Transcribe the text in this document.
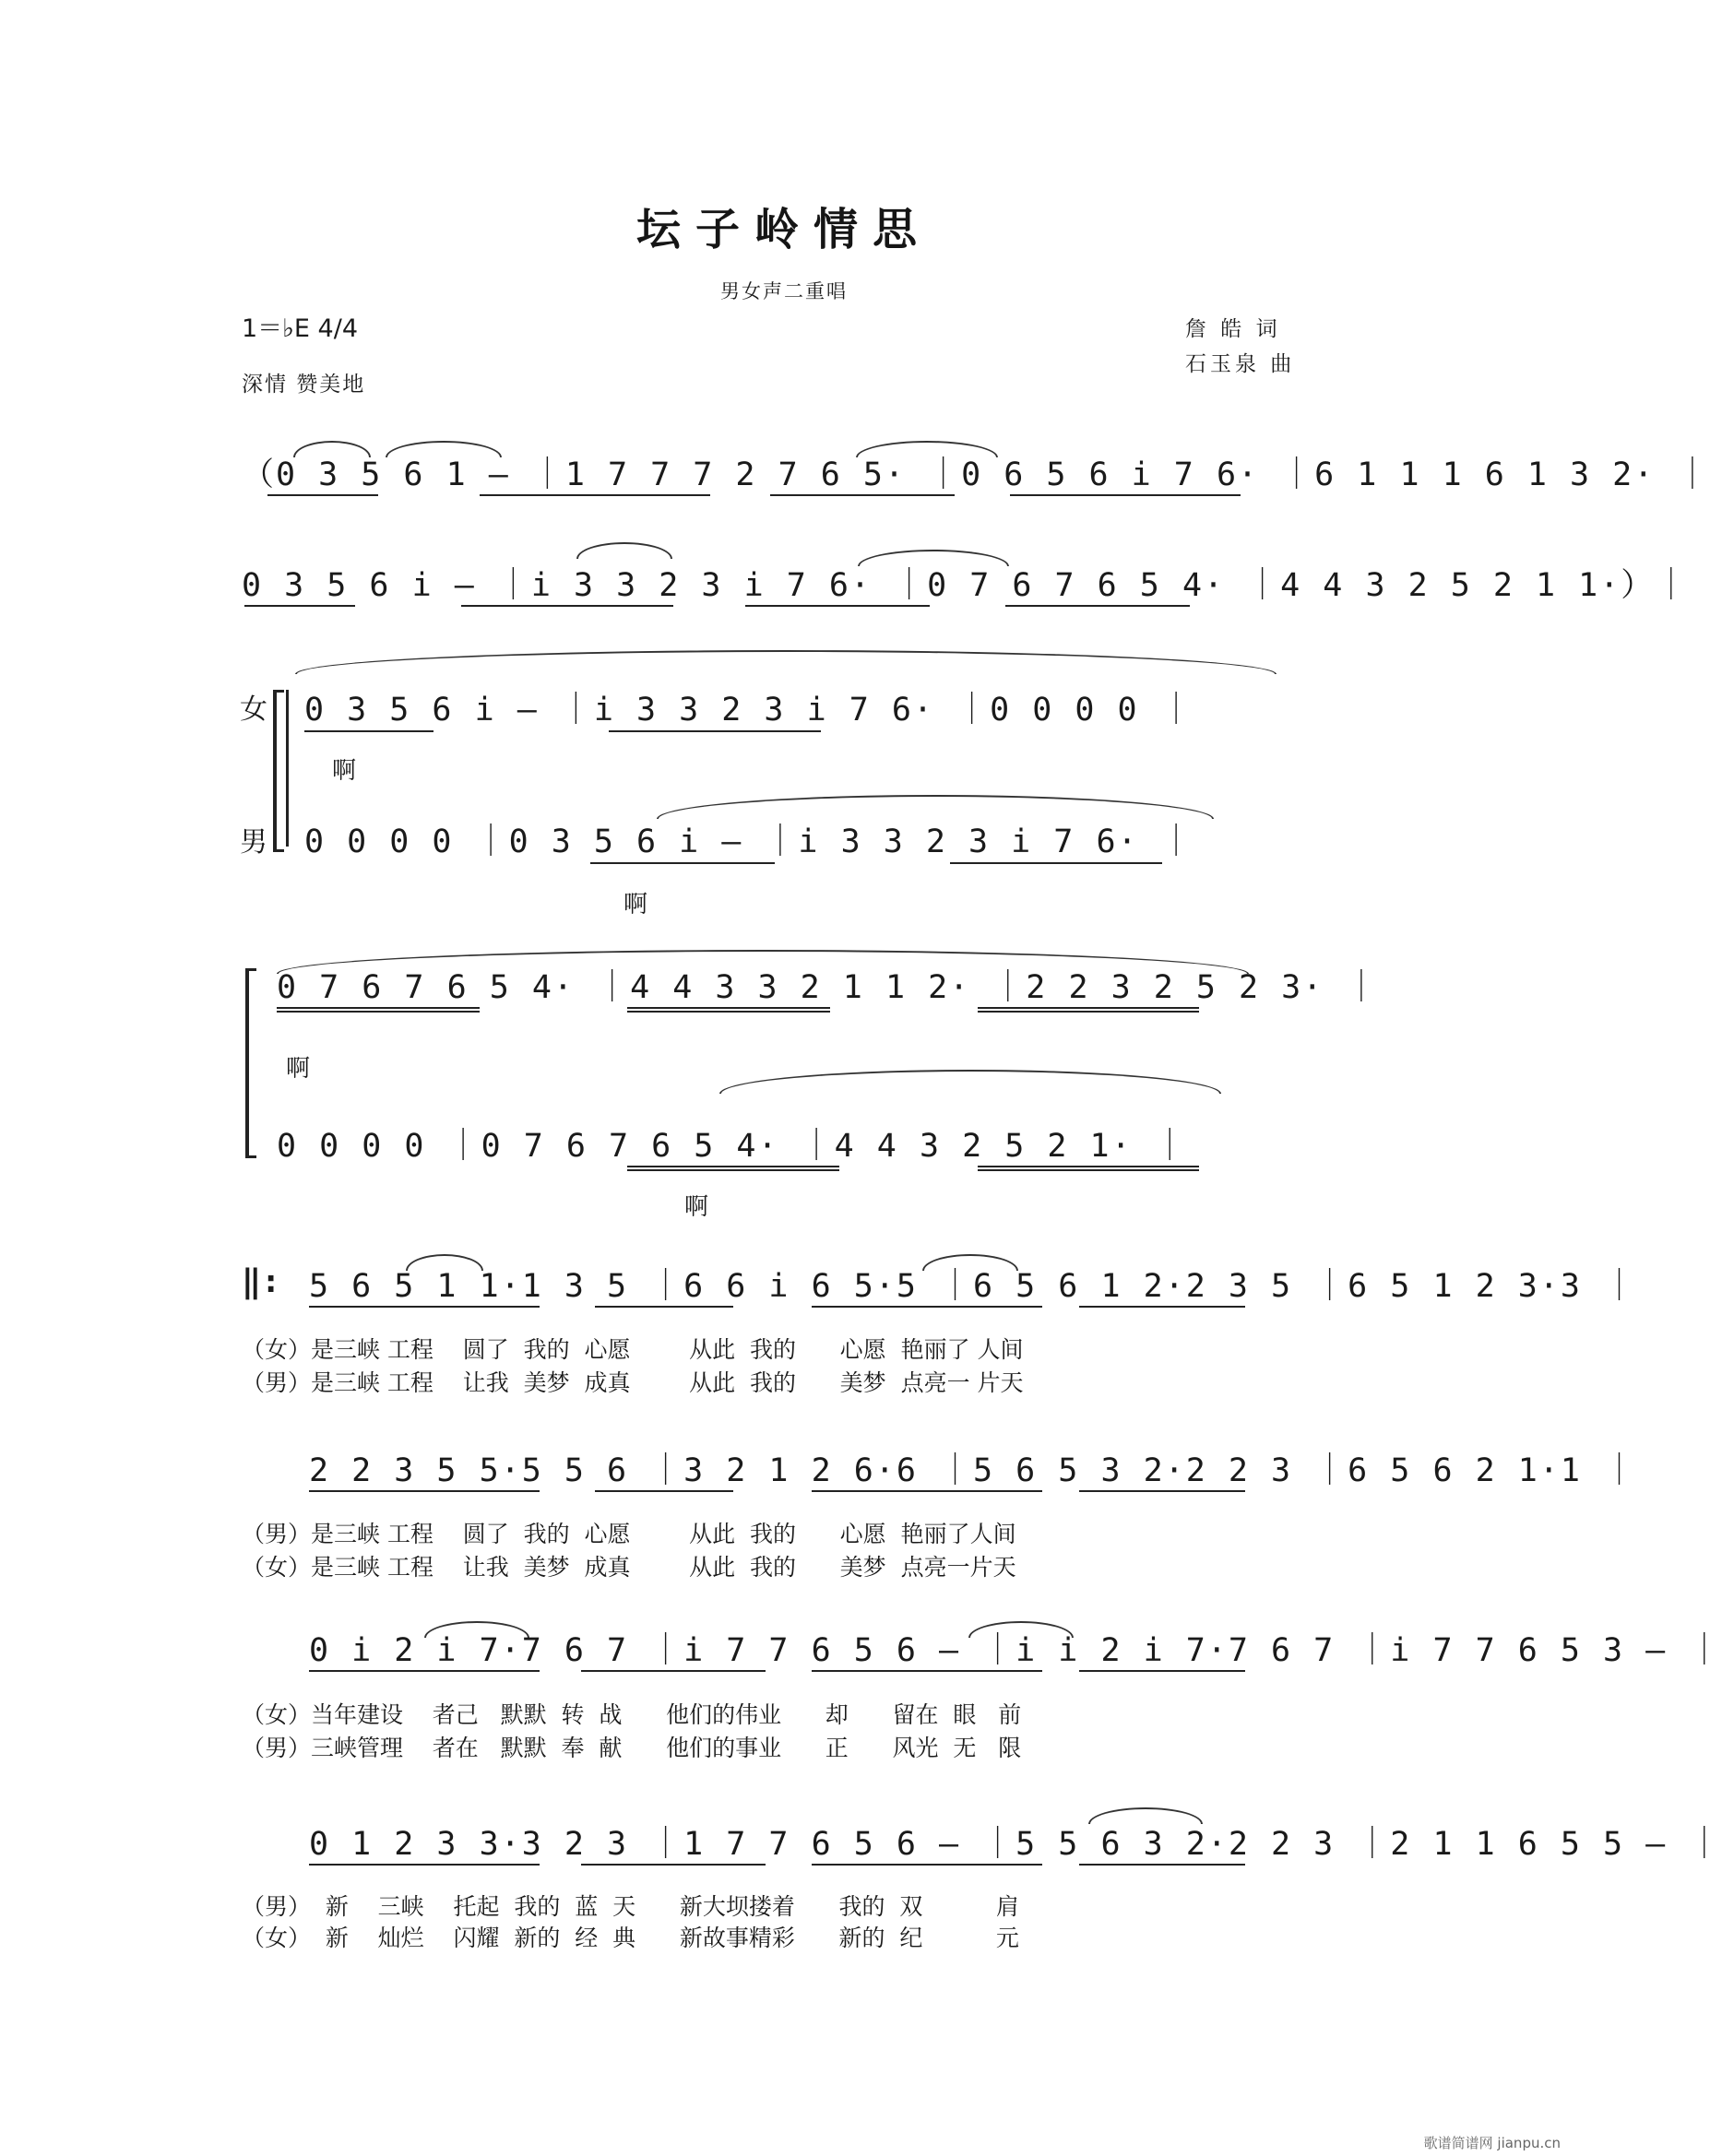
坛子岭情思
男女声二重唱
1＝♭E 4/4	詹 皓 词
石玉泉 曲
深情 赞美地
（0 3 5 6 1 – ｜1 7 7 7 2 7 6 5· ｜0 6 5 6 i 7 6· ｜6 1 1 1 6 1 3 2· ｜
0 3 5 6 i – ｜i 3 3 2 3 i 7 6· ｜0 7 6 7 6 5 4· ｜4 4 3 2 5 2 1 1·）｜
女
男
0 3 5 6 i – ｜i 3 3 2 3 i 7 6· ｜0 0 0 0 ｜
啊
0 0 0 0 ｜0 3 5 6 i – ｜i 3 3 2 3 i 7 6· ｜
啊
0 7 6 7 6 5 4· ｜4 4 3 3 2 1 1 2· ｜2 2 3 2 5 2 3· ｜
啊
0 0 0 0 ｜0 7 6 7 6 5 4· ｜4 4 3 2 5 2 1· ｜
啊
‖: 5 6 5 1 1·1 3 5 ｜6 6 i 6 5·5 ｜6 5 6 1 2·2 3 5 ｜6 5 1 2 3·3 ｜
（女）是三峡 工程    圆了  我的  心愿        从此  我的      心愿  艳丽了 人间
（男）是三峡 工程    让我  美梦  成真        从此  我的      美梦  点亮一 片天
2 2 3 5 5·5 5 6 ｜3 2 1 2 6·6 ｜5 6 5 3 2·2 2 3 ｜6 5 6 2 1·1 ｜
（男）是三峡 工程    圆了  我的  心愿        从此  我的      心愿  艳丽了人间
（女）是三峡 工程    让我  美梦  成真        从此  我的      美梦  点亮一片天
0 i 2 i 7·7 6 7 ｜i 7 7 6 5 6 – ｜i i 2 i 7·7 6 7 ｜i 7 7 6 5 3 – ｜
（女）当年建设    者己   默默  转  战      他们的伟业      却      留在  眼   前
（男）三峡管理    者在   默默  奉  献      他们的事业      正      风光  无   限
0 1 2 3 3·3 2 3 ｜1 7 7 6 5 6 – ｜5 5 6 3 2·2 2 3 ｜2 1 1 6 5 5 – ｜
（男）  新    三峡    托起  我的  蓝  天      新大坝搂着      我的  双          肩
（女）  新    灿烂    闪耀  新的  经  典      新故事精彩      新的  纪          元
歌谱简谱网 jianpu.cn
